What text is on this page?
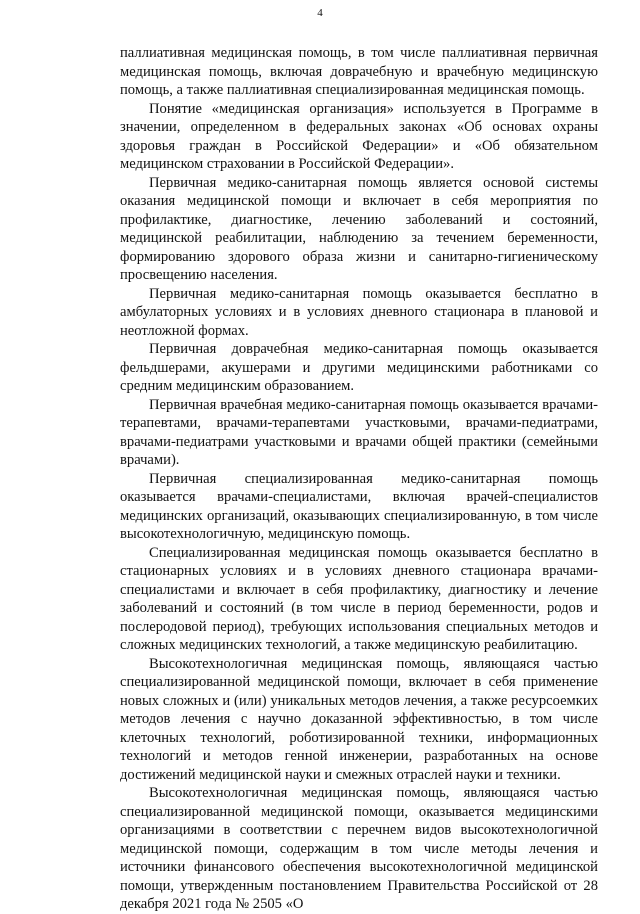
4

паллиативная медицинская помощь, в том числе паллиативная первичная медицинская помощь, включая доврачебную и врачебную медицинскую помощь, а также паллиативная специализированная медицинская помощь.

Понятие «медицинская организация» используется в Программе в значении, определенном в федеральных законах «Об основах охраны здоровья граждан в Российской Федерации» и «Об обязательном медицинском страховании в Российской Федерации».

Первичная медико-санитарная помощь является основой системы оказания медицинской помощи и включает в себя мероприятия по профилактике, диагностике, лечению заболеваний и состояний, медицинской реабилитации, наблюдению за течением беременности, формированию здорового образа жизни и санитарно-гигиеническому просвещению населения.

Первичная медико-санитарная помощь оказывается бесплатно в амбулаторных условиях и в условиях дневного стационара в плановой и неотложной формах.

Первичная доврачебная медико-санитарная помощь оказывается фельдшерами, акушерами и другими медицинскими работниками со средним медицинским образованием.

Первичная врачебная медико-санитарная помощь оказывается врачами-терапевтами, врачами-терапевтами участковыми, врачами-педиатрами, врачами-педиатрами участковыми и врачами общей практики (семейными врачами).

Первичная специализированная медико-санитарная помощь оказывается врачами-специалистами, включая врачей-специалистов медицинских организаций, оказывающих специализированную, в том числе высокотехнологичную, медицинскую помощь.

Специализированная медицинская помощь оказывается бесплатно в стационарных условиях и в условиях дневного стационара врачами-специалистами и включает в себя профилактику, диагностику и лечение заболеваний и состояний (в том числе в период беременности, родов и послеродовой период), требующих использования специальных методов и сложных медицинских технологий, а также медицинскую реабилитацию.

Высокотехнологичная медицинская помощь, являющаяся частью специализированной медицинской помощи, включает в себя применение новых сложных и (или) уникальных методов лечения, а также ресурсоемких методов лечения с научно доказанной эффективностью, в том числе клеточных технологий, роботизированной техники, информационных технологий и методов генной инженерии, разработанных на основе достижений медицинской науки и смежных отраслей науки и техники.

Высокотехнологичная медицинская помощь, являющаяся частью специализированной медицинской помощи, оказывается медицинскими организациями в соответствии с перечнем видов высокотехнологичной медицинской помощи, содержащим в том числе методы лечения и источники финансового обеспечения высокотехнологичной медицинской помощи, утвержденным постановлением Правительства Российской от 28 декабря 2021 года № 2505 «О
